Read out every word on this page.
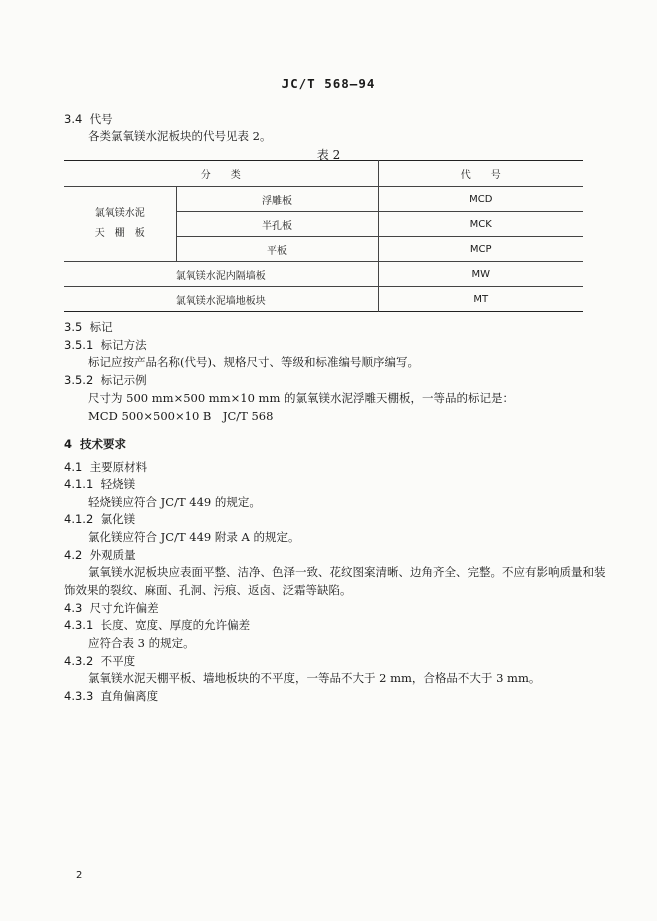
JC/T 568—94
3.4 代号
各类氯氧镁水泥板块的代号见表 2。
表 2
分　　类		代　　号
氯氧镁水泥
天　棚　板	浮雕板	MCD
	半孔板	MCK
	平板	MCP
氯氧镁水泥内隔墙板		MW
氯氧镁水泥墙地板块		MT
3.5 标记
3.5.1 标记方法
标记应按产品名称(代号)、规格尺寸、等级和标准编号顺序编写。
3.5.2 标记示例
尺寸为 500 mm×500 mm×10 mm 的氯氧镁水泥浮雕天棚板，一等品的标记是：
MCD 500×500×10 B　JC/T 568
4 技术要求
4.1 主要原材料
4.1.1 轻烧镁
轻烧镁应符合 JC/T 449 的规定。
4.1.2 氯化镁
氯化镁应符合 JC/T 449 附录 A 的规定。
4.2 外观质量
氯氧镁水泥板块应表面平整、洁净、色泽一致、花纹图案清晰、边角齐全、完整。不应有影响质量和装
饰效果的裂纹、麻面、孔洞、污痕、返卤、泛霜等缺陷。
4.3 尺寸允许偏差
4.3.1 长度、宽度、厚度的允许偏差
应符合表 3 的规定。
4.3.2 不平度
氯氧镁水泥天棚平板、墙地板块的不平度，一等品不大于 2 mm，合格品不大于 3 mm。
4.3.3 直角偏离度
2
